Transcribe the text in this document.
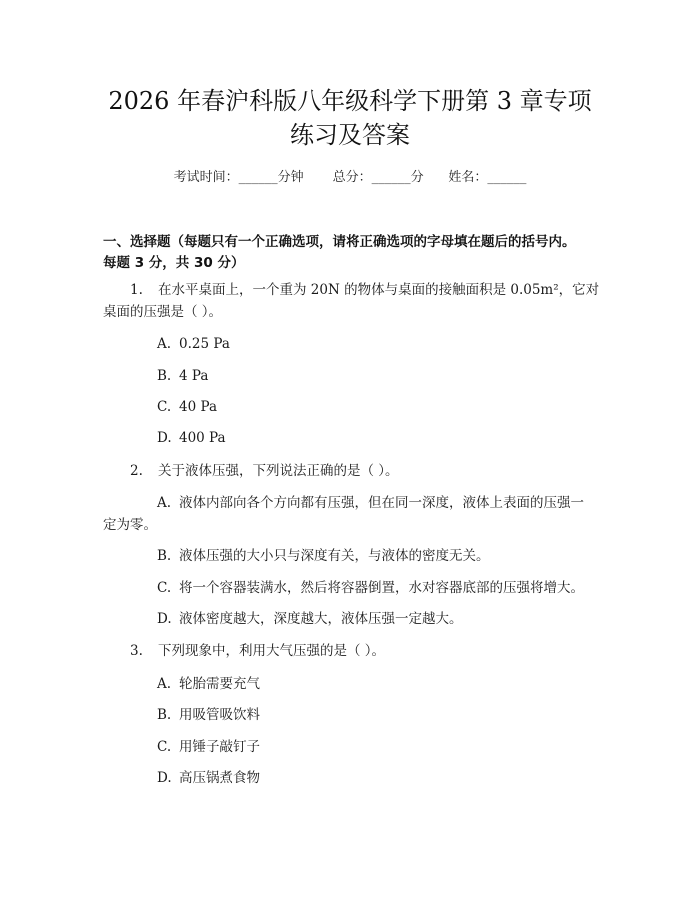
2026 年春沪科版八年级科学下册第 3 章专项
练习及答案
考试时间：______分钟 总分：______分 姓名：______
一、选择题（每题只有一个正确选项，请将正确选项的字母填在题后的括号内。
每题 3 分，共 30 分）
1. 在水平桌面上，一个重为 20N 的物体与桌面的接触面积是 0.05m²，它对
桌面的压强是（ ）。
A. 0.25 Pa
B. 4 Pa
C. 40 Pa
D. 400 Pa
2. 关于液体压强，下列说法正确的是（ ）。
A. 液体内部向各个方向都有压强，但在同一深度，液体上表面的压强一
定为零。
B. 液体压强的大小只与深度有关，与液体的密度无关。
C. 将一个容器装满水，然后将容器倒置，水对容器底部的压强将增大。
D. 液体密度越大，深度越大，液体压强一定越大。
3. 下列现象中，利用大气压强的是（ ）。
A. 轮胎需要充气
B. 用吸管吸饮料
C. 用锤子敲钉子
D. 高压锅煮食物
